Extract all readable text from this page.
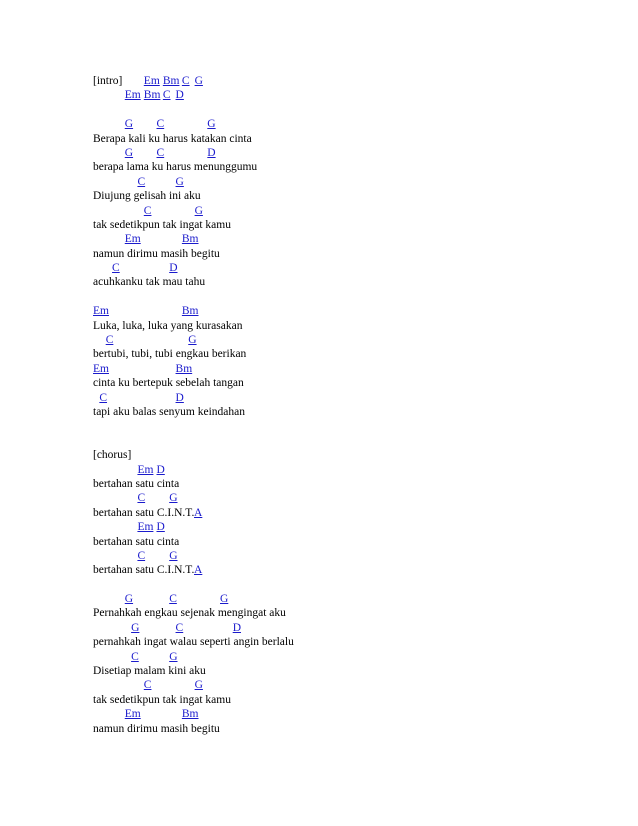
[intro] Em Bm C G
Em Bm C D
G C	G
Berapa kali ku harus katakan cinta
G C	D
berapa lama ku harus menunggumu
C	G
Diujung gelisah ini aku
C	G
tak sedetikpun tak ingat kamu
Em	Bm
namun dirimu masih begitu
C	D
acuhkanku tak mau tahu
Em	Bm
Luka, luka, luka yang kurasakan
C	G
bertubi, tubi, tubi engkau berikan
Em	Bm
cinta ku bertepuk sebelah tangan
C	D
tapi aku balas senyum keindahan
[chorus]
Em D
bertahan satu cinta
C G
bertahan satu C.I.N.T. A
Em D
bertahan satu cinta
C G
bertahan satu C.I.N.T. A
G	C	G
Pernahkah engkau sejenak mengingat aku
G	C	D
pernahkah ingat walau seperti angin berlalu
C	G
Disetiap malam kini aku
C	G
tak sedetikpun tak ingat kamu
Em	Bm
namun dirimu masih begitu
